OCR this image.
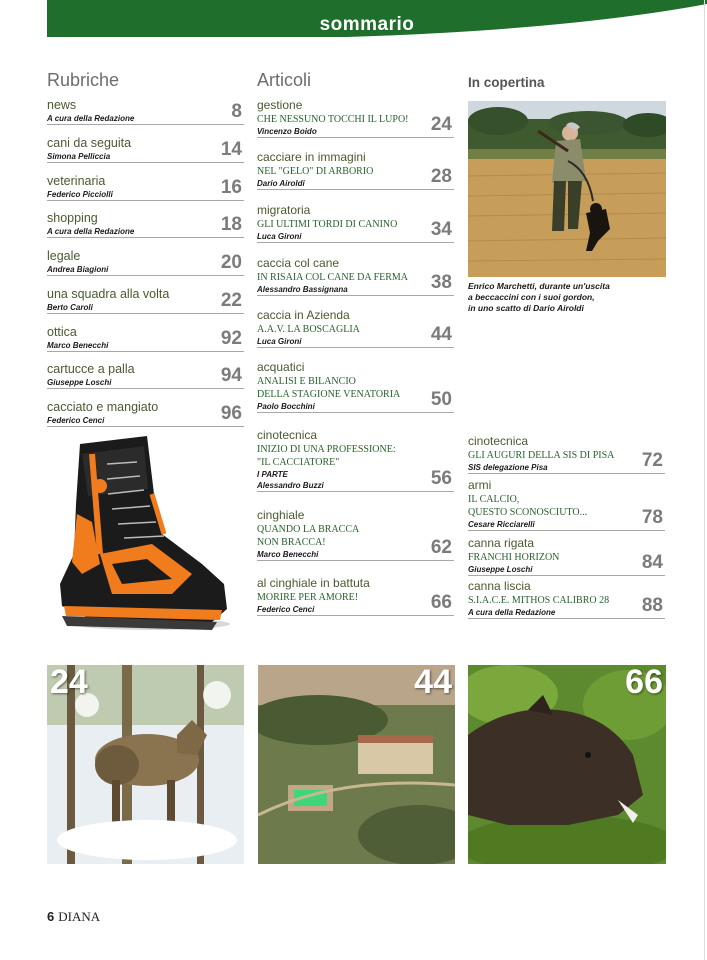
sommario
Rubriche	Articoli	In copertina
news
A cura della Redazione	8
cani da seguita
Simona Pelliccia	14
veterinaria
Federico Picciolli	16
shopping
A cura della Redazione	18
legale
Andrea Biagioni	20
una squadra alla volta
Berto Caroli	22
ottica
Marco Benecchi	92
cartucce a palla
Giuseppe Loschi	94
cacciato e mangiato
Federico Cenci	96
gestione
CHE NESSUNO TOCCHI IL LUPO!
Vincenzo Boido	24
cacciare in immagini
NEL "GELO" DI ARBORIO
Dario Airoldi	28
migratoria
GLI ULTIMI TORDI DI CANINO
Luca Gironi	34
caccia col cane
IN RISAIA COL CANE DA FERMA
Alessandro Bassignana	38
caccia in Azienda
A.A.V. LA BOSCAGLIA
Luca Gironi	44
acquatici
ANALISI E BILANCIO
DELLA STAGIONE VENATORIA
Paolo Bocchini	50
cinotecnica
INIZIO DI UNA PROFESSIONE:
"IL CACCIATORE"
I PARTE
Alessandro Buzzi	56
cinghiale
QUANDO LA BRACCA
NON BRACCA!
Marco Benecchi	62
al cinghiale in battuta
MORIRE PER AMORE!
Federico Cenci	66
Enrico Marchetti, durante un'uscita
a beccaccini con i suoi gordon,
in uno scatto di Dario Airoldi
cinotecnica
GLI AUGURI DELLA SIS DI PISA
SIS delegazione Pisa	72
armi
IL CALCIO,
QUESTO SCONOSCIUTO...
Cesare Ricciarelli	78
canna rigata
FRANCHI HORIZON
Giuseppe Loschi	84
canna liscia
S.I.A.C.E. MITHOS CALIBRO 28
A cura della Redazione	88
24	44	66
6 DIANA
